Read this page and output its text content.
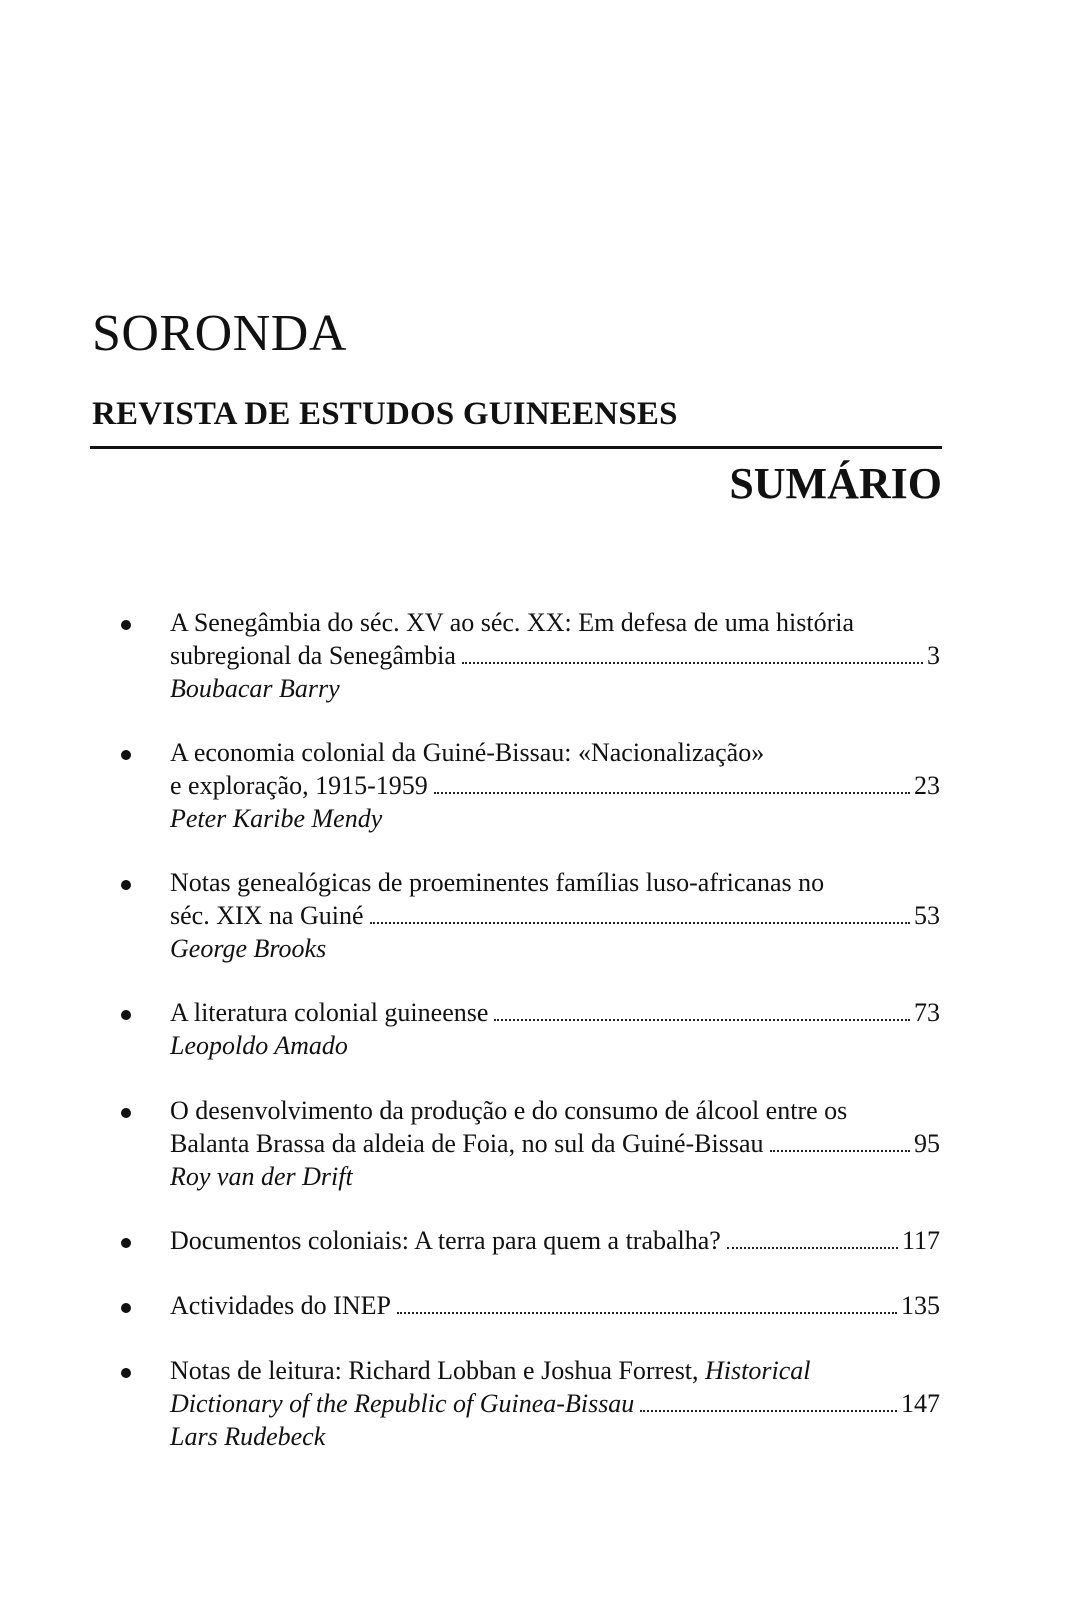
SORONDA
REVISTA DE ESTUDOS GUINEENSES
SUMÁRIO
A Senegâmbia do séc. XV ao séc. XX: Em defesa de uma história
subregional da Senegâmbia	3
Boubacar Barry
A economia colonial da Guiné-Bissau: «Nacionalização»
e exploração, 1915-1959	23
Peter Karibe Mendy
Notas genealógicas de proeminentes famílias luso-africanas no
séc. XIX na Guiné	53
George Brooks
A literatura colonial guineense	73
Leopoldo Amado
O desenvolvimento da produção e do consumo de álcool entre os
Balanta Brassa da aldeia de Foia, no sul da Guiné-Bissau	95
Roy van der Drift
Documentos coloniais: A terra para quem a trabalha?	117
Actividades do INEP	135
Notas de leitura: Richard Lobban e Joshua Forrest, Historical
Dictionary of the Republic of Guinea-Bissau	147
Lars Rudebeck
